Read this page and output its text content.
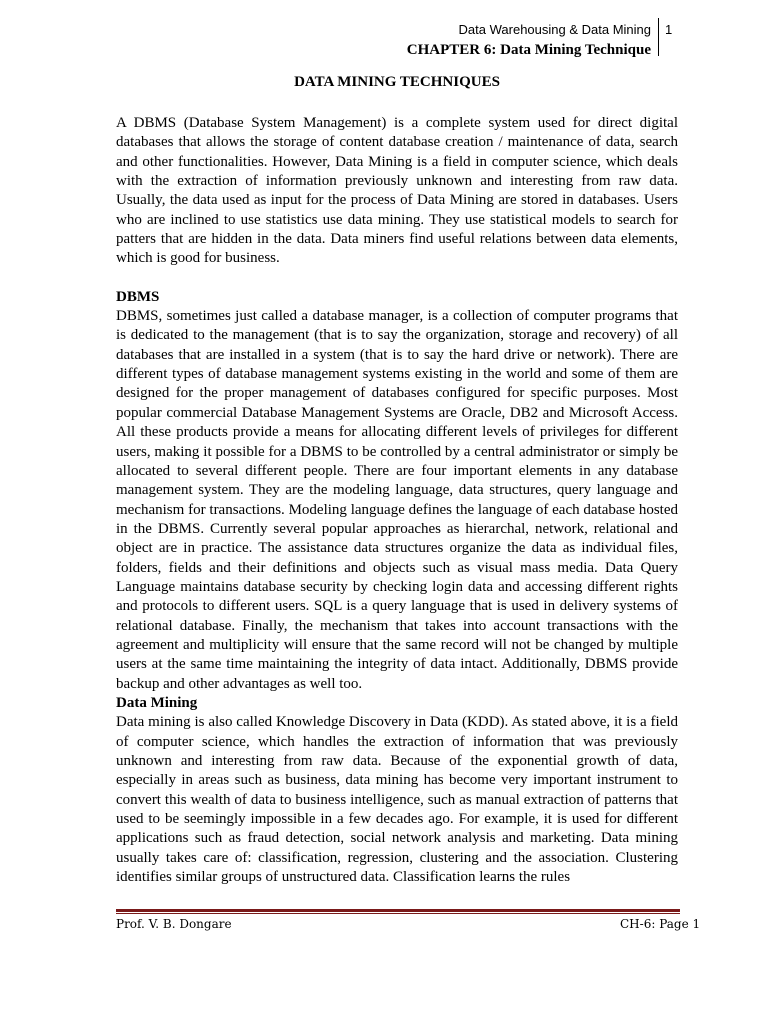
Data Warehousing & Data Mining
CHAPTER 6: Data Mining Technique
1
DATA MINING TECHNIQUES

A DBMS (Database System Management) is a complete system used for direct digital databases that allows the storage of content database creation / maintenance of data, search and other functionalities. However, Data Mining is a field in computer science, which deals with the extraction of information previously unknown and interesting from raw data. Usually, the data used as input for the process of Data Mining are stored in databases. Users who are inclined to use statistics use data mining. They use statistical models to search for patters that are hidden in the data. Data miners find useful relations between data elements, which is good for business.

DBMS

DBMS, sometimes just called a database manager, is a collection of computer programs that is dedicated to the management (that is to say the organization, storage and recovery) of all databases that are installed in a system (that is to say the hard drive or network). There are different types of database management systems existing in the world and some of them are designed for the proper management of databases configured for specific purposes. Most popular commercial Database Management Systems are Oracle, DB2 and Microsoft Access. All these products provide a means for allocating different levels of privileges for different users, making it possible for a DBMS to be controlled by a central administrator or simply be allocated to several different people. There are four important elements in any database management system. They are the modeling language, data structures, query language and mechanism for transactions. Modeling language defines the language of each database hosted in the DBMS. Currently several popular approaches as hierarchal, network, relational and object are in practice. The assistance data structures organize the data as individual files, folders, fields and their definitions and objects such as visual mass media. Data Query Language maintains database security by checking login data and accessing different rights and protocols to different users. SQL is a query language that is used in delivery systems of relational database. Finally, the mechanism that takes into account transactions with the agreement and multiplicity will ensure that the same record will not be changed by multiple users at the same time maintaining the integrity of data intact. Additionally, DBMS provide backup and other advantages as well too.

Data Mining

Data mining is also called Knowledge Discovery in Data (KDD). As stated above, it is a field of computer science, which handles the extraction of information that was previously unknown and interesting from raw data. Because of the exponential growth of data, especially in areas such as business, data mining has become very important instrument to convert this wealth of data to business intelligence, such as manual extraction of patterns that used to be seemingly impossible in a few decades ago. For example, it is used for different applications such as fraud detection, social network analysis and marketing. Data mining usually takes care of: classification, regression, clustering and the association. Clustering identifies similar groups of unstructured data. Classification learns the rules

Prof. V. B. Dongare	CH-6: Page 1
